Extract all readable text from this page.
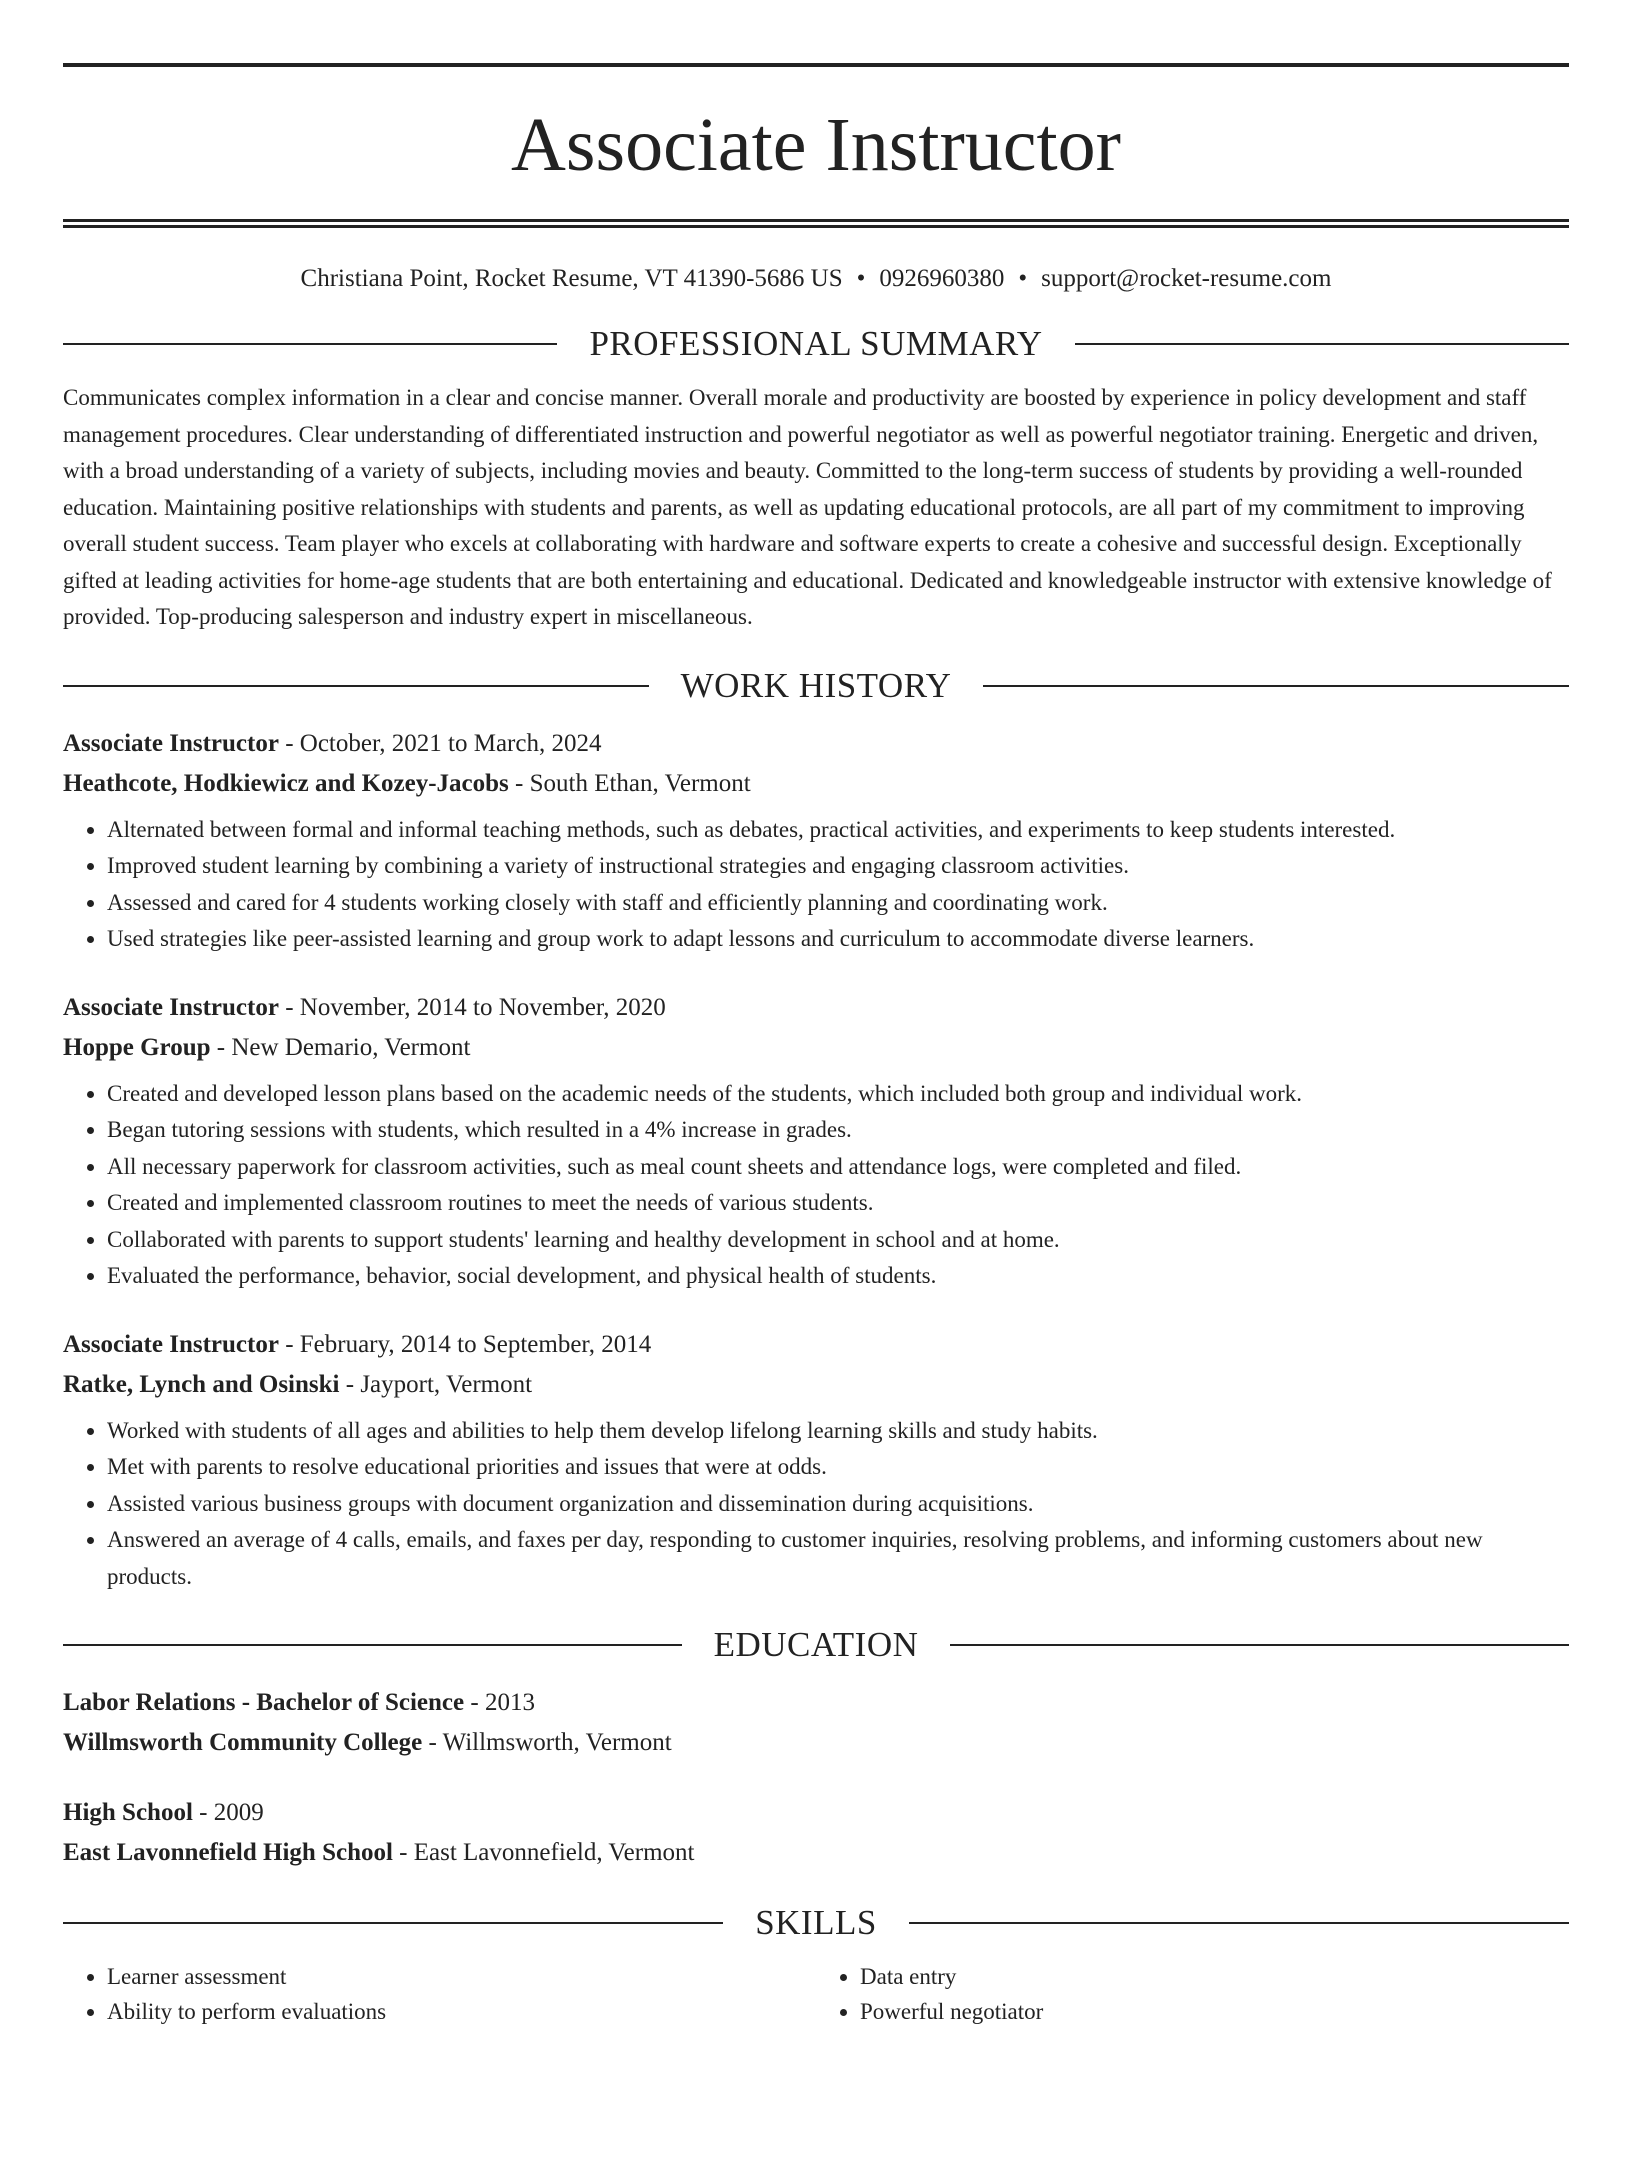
Associate Instructor
Christiana Point, Rocket Resume, VT 41390-5686 US • 0926960380 • support@rocket-resume.com
PROFESSIONAL SUMMARY

Communicates complex information in a clear and concise manner. Overall morale and productivity are boosted by experience in policy development and staff management procedures. Clear understanding of differentiated instruction and powerful negotiator as well as powerful negotiator training. Energetic and driven, with a broad understanding of a variety of subjects, including movies and beauty. Committed to the long-term success of students by providing a well-rounded education. Maintaining positive relationships with students and parents, as well as updating educational protocols, are all part of my commitment to improving overall student success. Team player who excels at collaborating with hardware and software experts to create a cohesive and successful design. Exceptionally gifted at leading activities for home-age students that are both entertaining and educational. Dedicated and knowledgeable instructor with extensive knowledge of provided. Top-producing salesperson and industry expert in miscellaneous.

WORK HISTORY
Associate Instructor - October, 2021 to March, 2024
Heathcote, Hodkiewicz and Kozey-Jacobs - South Ethan, Vermont
• Alternated between formal and informal teaching methods, such as debates, practical activities, and experiments to keep students interested.
• Improved student learning by combining a variety of instructional strategies and engaging classroom activities.
• Assessed and cared for 4 students working closely with staff and efficiently planning and coordinating work.
• Used strategies like peer-assisted learning and group work to adapt lessons and curriculum to accommodate diverse learners.
Associate Instructor - November, 2014 to November, 2020
Hoppe Group - New Demario, Vermont
• Created and developed lesson plans based on the academic needs of the students, which included both group and individual work.
• Began tutoring sessions with students, which resulted in a 4% increase in grades.
• All necessary paperwork for classroom activities, such as meal count sheets and attendance logs, were completed and filed.
• Created and implemented classroom routines to meet the needs of various students.
• Collaborated with parents to support students' learning and healthy development in school and at home.
• Evaluated the performance, behavior, social development, and physical health of students.
Associate Instructor - February, 2014 to September, 2014
Ratke, Lynch and Osinski - Jayport, Vermont
• Worked with students of all ages and abilities to help them develop lifelong learning skills and study habits.
• Met with parents to resolve educational priorities and issues that were at odds.
• Assisted various business groups with document organization and dissemination during acquisitions.
• Answered an average of 4 calls, emails, and faxes per day, responding to customer inquiries, resolving problems, and informing customers about new products.
EDUCATION
Labor Relations - Bachelor of Science - 2013
Willmsworth Community College - Willmsworth, Vermont
High School - 2009
East Lavonnefield High School - East Lavonnefield, Vermont
SKILLS
• Learner assessment
• Ability to perform evaluations
• Data entry
• Powerful negotiator
